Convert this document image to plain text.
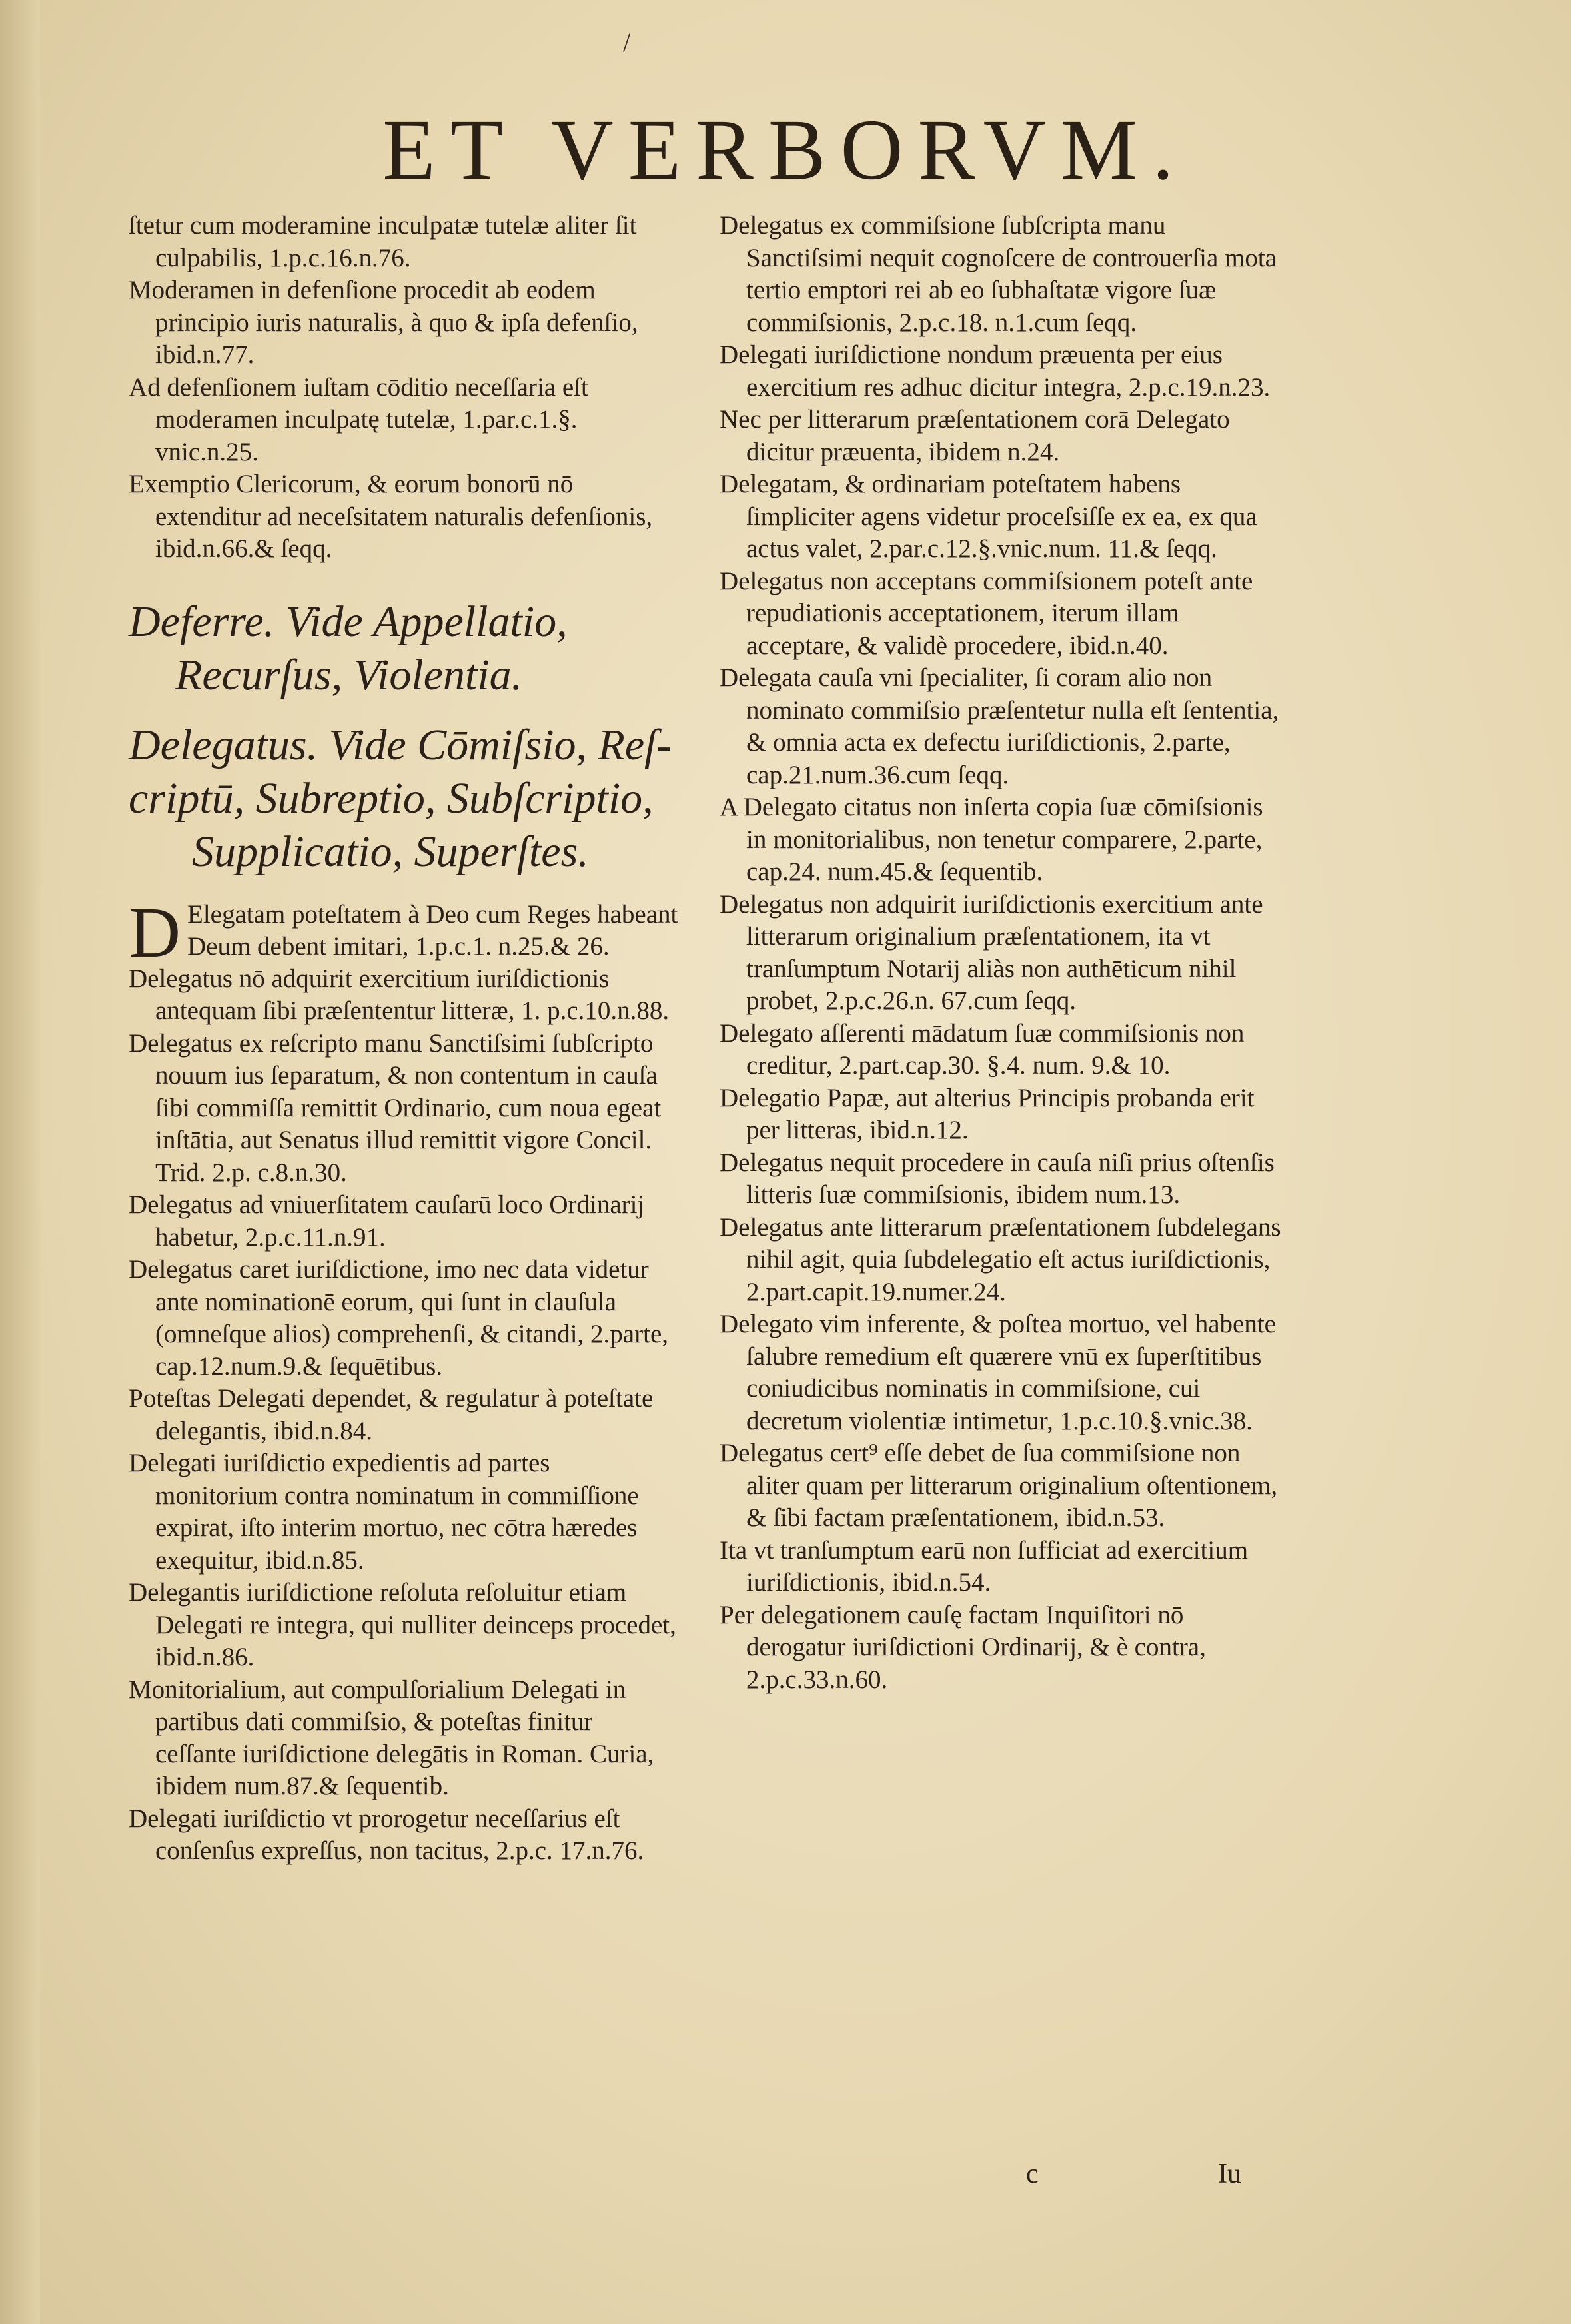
/
ET VERBORVM.

ſtetur cum moderamine inculpatæ tutelæ aliter ſit culpabilis, 1.p.c.16.n.76.

Moderamen in defenſione procedit ab eodem principio iuris naturalis, à quo & ipſa defenſio, ibid.n.77.

Ad defenſionem iuſtam cōditio neceſſaria eſt moderamen inculpatę tutelæ, 1.par.c.1.§. vnic.n.25.

Exemptio Clericorum, & eorum bonorū nō extenditur ad neceſsitatem naturalis defenſionis, ibid.n.66.& ſeqq.

Deferre. Vide Appellatio, Recurſus, Violentia.
Delegatus. Vide Cōmiſsio, Reſ-
criptū, Subreptio, Subſcriptio,
Supplicatio, Superſtes.
D Elegatam poteſtatem à Deo cum Reges habeant Deum debent imitari, 1.p.c.1. n.25.& 26.

Delegatus nō adquirit exercitium iuriſdictionis antequam ſibi præſententur litteræ, 1. p.c.10.n.88.

Delegatus ex reſcripto manu Sanctiſsimi ſubſcripto nouum ius ſeparatum, & non contentum in cauſa ſibi commiſſa remittit Ordinario, cum noua egeat inſtātia, aut Senatus illud remittit vigore Concil. Trid. 2.p. c.8.n.30.

Delegatus ad vniuerſitatem cauſarū loco Ordinarij habetur, 2.p.c.11.n.91.

Delegatus caret iuriſdictione, imo nec data videtur ante nominationē eorum, qui ſunt in clauſula (omneſque alios) comprehenſi, & citandi, 2.parte, cap.12.num.9.& ſequētibus.

Poteſtas Delegati dependet, & regulatur à poteſtate delegantis, ibid.n.84.

Delegati iuriſdictio expedientis ad partes monitorium contra nominatum in commiſſione expirat, iſto interim mortuo, nec cōtra hæredes exequitur, ibid.n.85.

Delegantis iuriſdictione reſoluta reſoluitur etiam Delegati re integra, qui nulliter deinceps procedet, ibid.n.86.

Monitorialium, aut compulſorialium Delegati in partibus dati commiſsio, & poteſtas finitur ceſſante iuriſdictione delegātis in Roman. Curia, ibidem num.87.& ſequentib.

Delegati iuriſdictio vt prorogetur neceſſarius eſt conſenſus expreſſus, non tacitus, 2.p.c. 17.n.76.

Delegatus ex commiſsione ſubſcripta manu Sanctiſsimi nequit cognoſcere de controuerſia mota tertio emptori rei ab eo ſubhaſtatæ vigore ſuæ commiſsionis, 2.p.c.18. n.1.cum ſeqq.

Delegati iuriſdictione nondum præuenta per eius exercitium res adhuc dicitur integra, 2.p.c.19.n.23.

Nec per litterarum præſentationem corā Delegato dicitur præuenta, ibidem n.24.

Delegatam, & ordinariam poteſtatem habens ſimpliciter agens videtur proceſsiſſe ex ea, ex qua actus valet, 2.par.c.12.§.vnic.num. 11.& ſeqq.

Delegatus non acceptans commiſsionem poteſt ante repudiationis acceptationem, iterum illam acceptare, & validè procedere, ibid.n.40.

Delegata cauſa vni ſpecialiter, ſi coram alio non nominato commiſsio præſentetur nulla eſt ſententia, & omnia acta ex defectu iuriſdictionis, 2.parte, cap.21.num.36.cum ſeqq.

A Delegato citatus non inſerta copia ſuæ cōmiſsionis in monitorialibus, non tenetur comparere, 2.parte, cap.24. num.45.& ſequentib.

Delegatus non adquirit iuriſdictionis exercitium ante litterarum originalium præſentationem, ita vt tranſumptum Notarij aliàs non authēticum nihil probet, 2.p.c.26.n. 67.cum ſeqq.

Delegato aſſerenti mādatum ſuæ commiſsionis non creditur, 2.part.cap.30. §.4. num. 9.& 10.

Delegatio Papæ, aut alterius Principis probanda erit per litteras, ibid.n.12.

Delegatus nequit procedere in cauſa niſi prius oſtenſis litteris ſuæ commiſsionis, ibidem num.13.

Delegatus ante litterarum præſentationem ſubdelegans nihil agit, quia ſubdelegatio eſt actus iuriſdictionis, 2.part.capit.19.numer.24.

Delegato vim inferente, & poſtea mortuo, vel habente ſalubre remedium eſt quærere vnū ex ſuperſtitibus coniudicibus nominatis in commiſsione, cui decretum violentiæ intimetur, 1.p.c.10.§.vnic.38.

Delegatus cert⁹ eſſe debet de ſua commiſsione non aliter quam per litterarum originalium oſtentionem, & ſibi factam præſentationem, ibid.n.53.

Ita vt tranſumptum earū non ſufficiat ad exercitium iuriſdictionis, ibid.n.54.

Per delegationem cauſę factam Inquiſitori nō derogatur iuriſdictioni Ordinarij, & è contra, 2.p.c.33.n.60.

c	Iu
